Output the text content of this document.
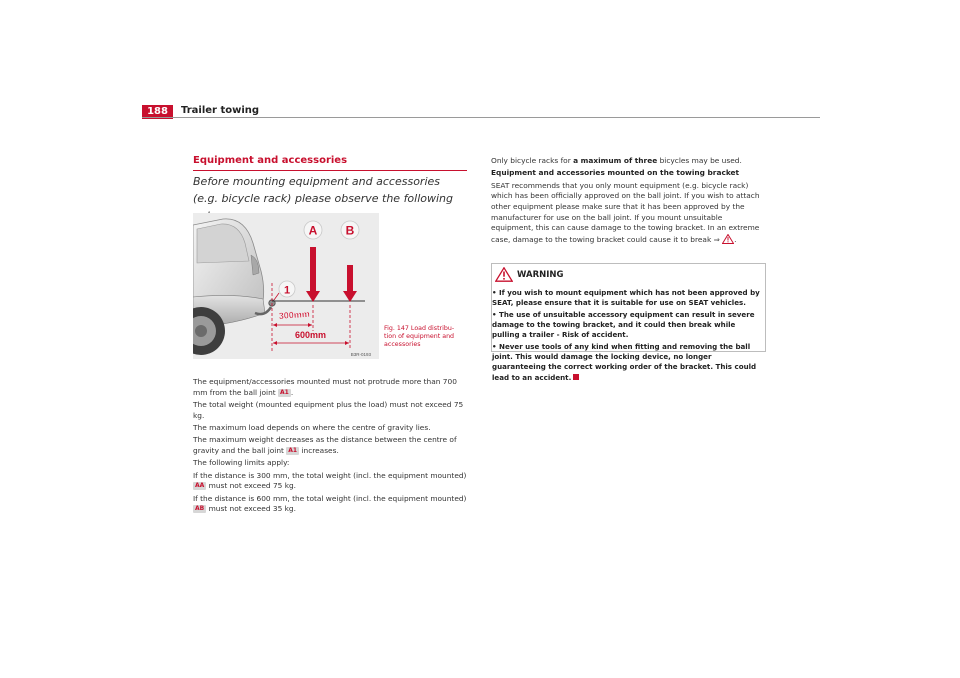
188	Trailer towing
Equipment and accessories
Before mounting equipment and accessories (e.g. bicycle rack) please observe the following
A B
1
300mm
600mm
B3R-0193
Fig. 147 Load distribu-tion of equipment and accessories

The equipment/accessories mounted must not protrude more than 700 mm from the ball joint A1 .

The total weight (mounted equipment plus the load) must not exceed 75 kg.

The maximum load depends on where the centre of gravity lies.

The maximum weight decreases as the distance between the centre of gravity and the ball joint A1 increases.

The following limits apply:

If the distance is 300 mm, the total weight (incl. the equipment mounted) AA must not exceed 75 kg.

If the distance is 600 mm, the total weight (incl. the equipment mounted) AB must not exceed 35 kg.

Only bicycle racks for a maximum of three bicycles may be used.

Equipment and accessories mounted on the towing bracket

SEAT recommends that you only mount equipment (e.g. bicycle rack) which has been officially approved on the ball joint. If you wish to attach other equipment please make sure that it has been approved by the manufacturer for use on the ball joint. If you mount unsuitable equipment, this can cause damage to the towing bracket. In an extreme case, damage to the towing bracket could cause it to break ⇒ .

WARNING
• If you wish to mount equipment which has not been approved by SEAT, please ensure that it is suitable for use on SEAT vehicles.
• The use of unsuitable accessory equipment can result in severe damage to the towing bracket, and it could then break while pulling a trailer - Risk of accident.
• Never use tools of any kind when fitting and removing the ball joint. This would damage the locking device, no longer guaranteeing the correct working order of the bracket. This could lead to an accident.
